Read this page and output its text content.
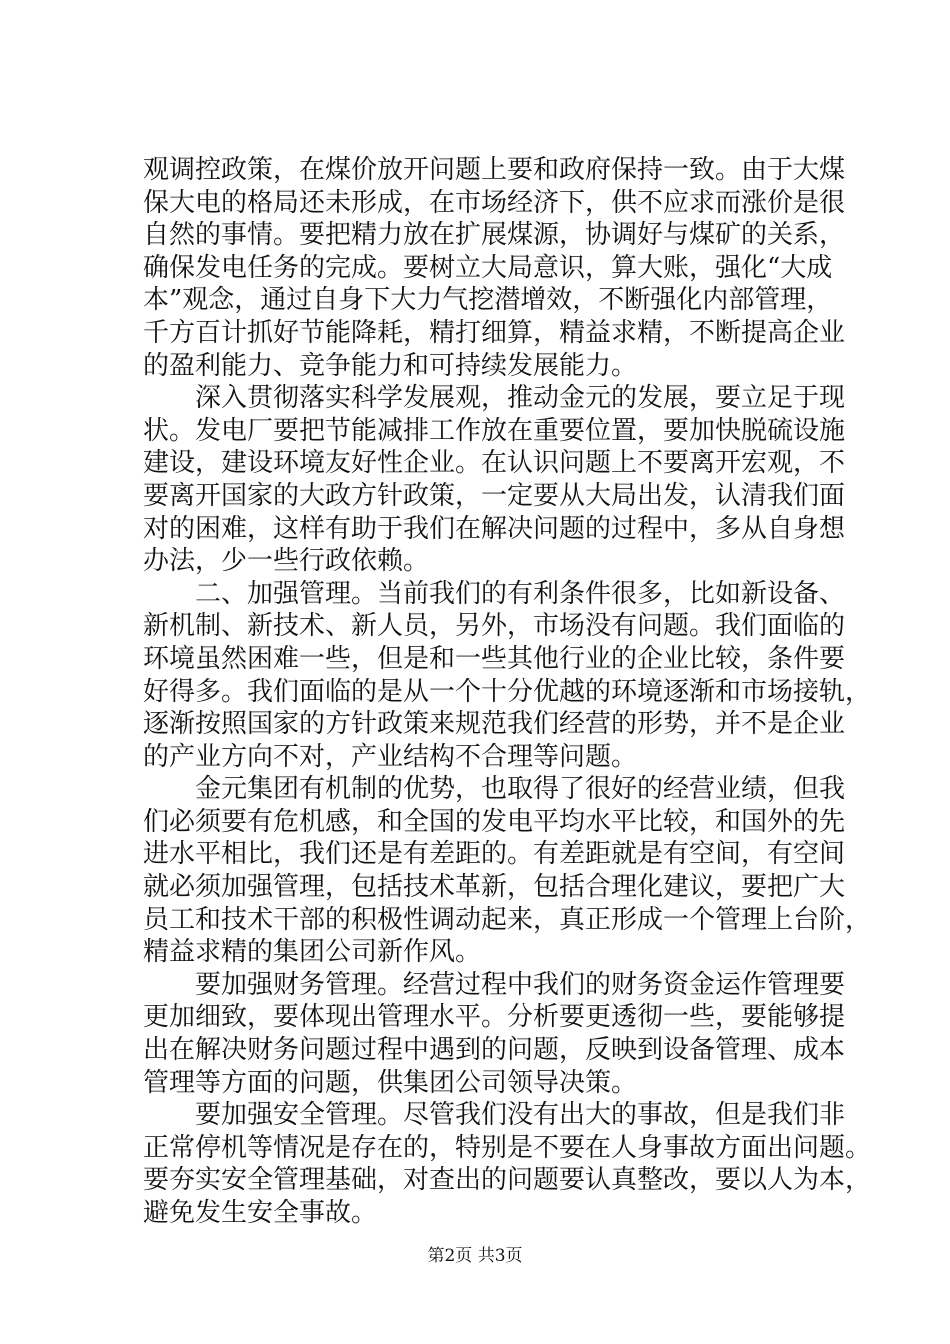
观调控政策，在煤价放开问题上要和政府保持一致。由于大煤
保大电的格局还未形成，在市场经济下，供不应求而涨价是很
自然的事情。要把精力放在扩展煤源，协调好与煤矿的关系，
确保发电任务的完成。要树立大局意识，算大账，强化“大成
本”观念，通过自身下大力气挖潜增效，不断强化内部管理，
千方百计抓好节能降耗，精打细算，精益求精，不断提高企业
的盈利能力、竞争能力和可持续发展能力。
深入贯彻落实科学发展观，推动金元的发展，要立足于现
状。发电厂要把节能减排工作放在重要位置，要加快脱硫设施
建设，建设环境友好性企业。在认识问题上不要离开宏观，不
要离开国家的大政方针政策，一定要从大局出发，认清我们面
对的困难，这样有助于我们在解决问题的过程中，多从自身想
办法，少一些行政依赖。
二、加强管理。当前我们的有利条件很多，比如新设备、
新机制、新技术、新人员，另外，市场没有问题。我们面临的
环境虽然困难一些，但是和一些其他行业的企业比较，条件要
好得多。我们面临的是从一个十分优越的环境逐渐和市场接轨，
逐渐按照国家的方针政策来规范我们经营的形势，并不是企业
的产业方向不对，产业结构不合理等问题。
金元集团有机制的优势，也取得了很好的经营业绩，但我
们必须要有危机感，和全国的发电平均水平比较，和国外的先
进水平相比，我们还是有差距的。有差距就是有空间，有空间
就必须加强管理，包括技术革新，包括合理化建议，要把广大
员工和技术干部的积极性调动起来，真正形成一个管理上台阶，
精益求精的集团公司新作风。
要加强财务管理。经营过程中我们的财务资金运作管理要
更加细致，要体现出管理水平。分析要更透彻一些，要能够提
出在解决财务问题过程中遇到的问题，反映到设备管理、成本
管理等方面的问题，供集团公司领导决策。
要加强安全管理。尽管我们没有出大的事故，但是我们非
正常停机等情况是存在的，特别是不要在人身事故方面出问题。
要夯实安全管理基础，对查出的问题要认真整改，要以人为本，
避免发生安全事故。
第2页 共3页
